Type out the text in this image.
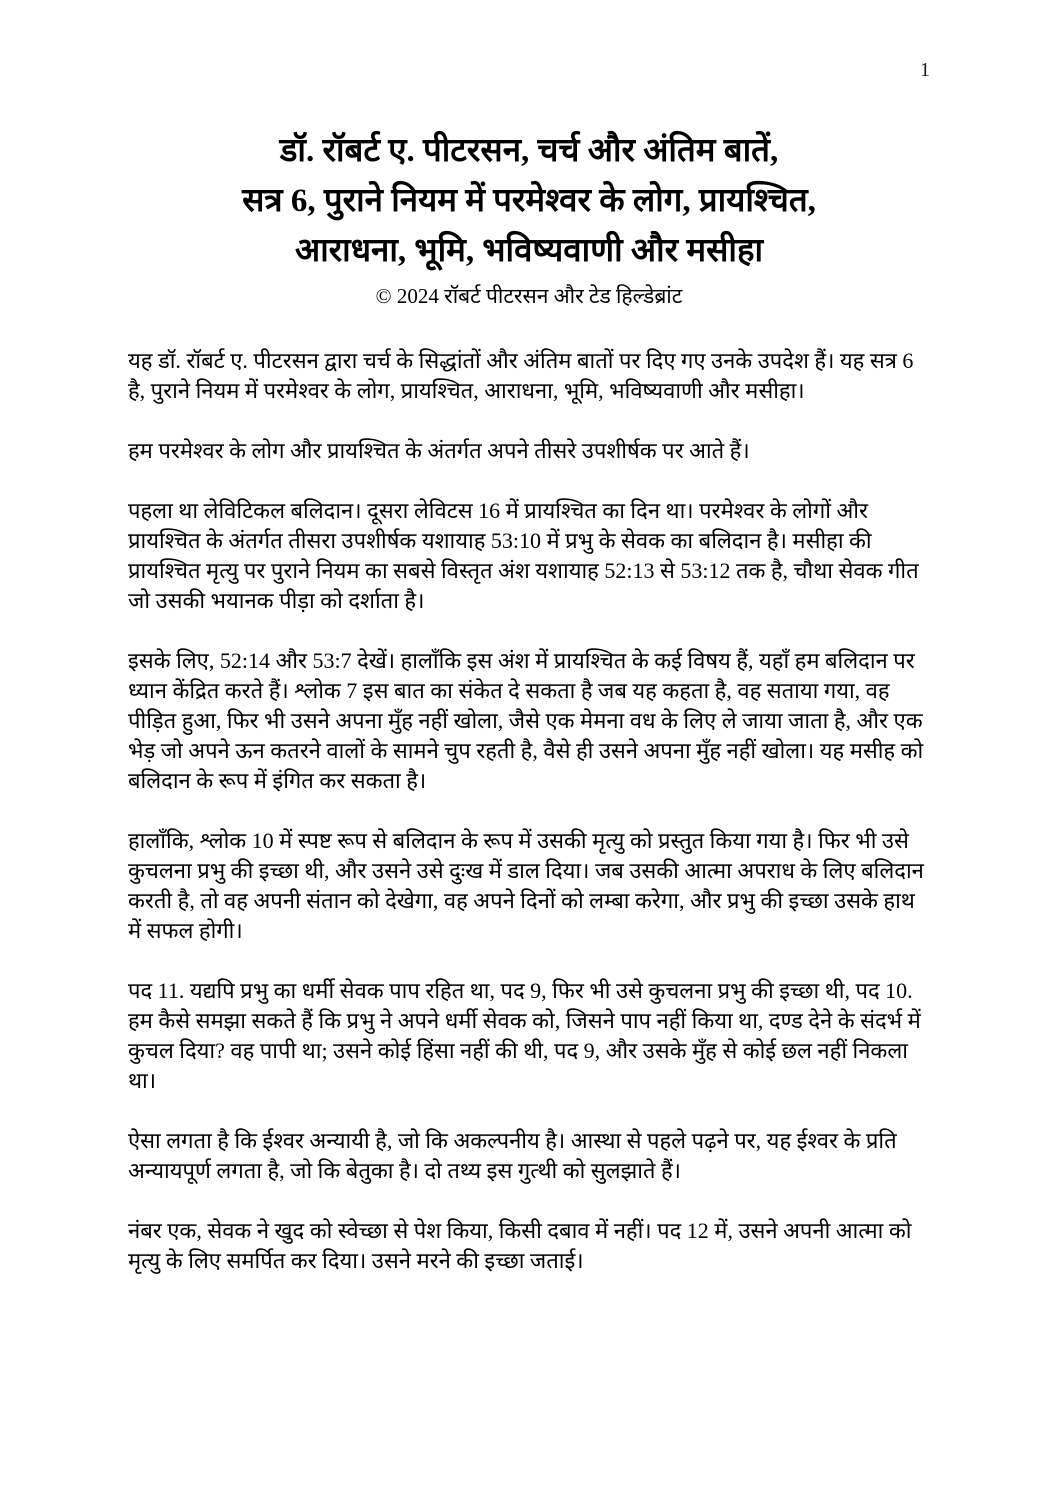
1
डॉ. रॉबर्ट ए. पीटरसन, चर्च और अंतिम बातें,
सत्र 6, पुराने नियम में परमेश्वर के लोग, प्रायश्चित,
आराधना, भूमि, भविष्यवाणी और मसीहा
© 2024 रॉबर्ट पीटरसन और टेड हिल्डेब्रांट

यह डॉ. रॉबर्ट ए. पीटरसन द्वारा चर्च के सिद्धांतों और अंतिम बातों पर दिए गए उनके उपदेश हैं। यह सत्र 6 है, पुराने नियम में परमेश्वर के लोग, प्रायश्चित, आराधना, भूमि, भविष्यवाणी और मसीहा।

हम परमेश्वर के लोग और प्रायश्चित के अंतर्गत अपने तीसरे उपशीर्षक पर आते हैं।

पहला था लेविटिकल बलिदान। दूसरा लेविटस 16 में प्रायश्चित का दिन था। परमेश्वर के लोगों और प्रायश्चित के अंतर्गत तीसरा उपशीर्षक यशायाह 53:10 में प्रभु के सेवक का बलिदान है। मसीहा की प्रायश्चित मृत्यु पर पुराने नियम का सबसे विस्तृत अंश यशायाह 52:13 से 53:12 तक है, चौथा सेवक गीत जो उसकी भयानक पीड़ा को दर्शाता है।

इसके लिए, 52:14 और 53:7 देखें। हालाँकि इस अंश में प्रायश्चित के कई विषय हैं, यहाँ हम बलिदान पर ध्यान केंद्रित करते हैं। श्लोक 7 इस बात का संकेत दे सकता है जब यह कहता है, वह सताया गया, वह पीड़ित हुआ, फिर भी उसने अपना मुँह नहीं खोला, जैसे एक मेमना वध के लिए ले जाया जाता है, और एक भेड़ जो अपने ऊन कतरने वालों के सामने चुप रहती है, वैसे ही उसने अपना मुँह नहीं खोला। यह मसीह को बलिदान के रूप में इंगित कर सकता है।

हालाँकि, श्लोक 10 में स्पष्ट रूप से बलिदान के रूप में उसकी मृत्यु को प्रस्तुत किया गया है। फिर भी उसे कुचलना प्रभु की इच्छा थी, और उसने उसे दुःख में डाल दिया। जब उसकी आत्मा अपराध के लिए बलिदान करती है, तो वह अपनी संतान को देखेगा, वह अपने दिनों को लम्बा करेगा, और प्रभु की इच्छा उसके हाथ में सफल होगी।

पद 11. यद्यपि प्रभु का धर्मी सेवक पाप रहित था, पद 9, फिर भी उसे कुचलना प्रभु की इच्छा थी, पद 10. हम कैसे समझा सकते हैं कि प्रभु ने अपने धर्मी सेवक को, जिसने पाप नहीं किया था, दण्ड देने के संदर्भ में कुचल दिया? वह पापी था; उसने कोई हिंसा नहीं की थी, पद 9, और उसके मुँह से कोई छल नहीं निकला था।

ऐसा लगता है कि ईश्वर अन्यायी है, जो कि अकल्पनीय है। आस्था से पहले पढ़ने पर, यह ईश्वर के प्रति अन्यायपूर्ण लगता है, जो कि बेतुका है। दो तथ्य इस गुत्थी को सुलझाते हैं।

नंबर एक, सेवक ने खुद को स्वेच्छा से पेश किया, किसी दबाव में नहीं। पद 12 में, उसने अपनी आत्मा को मृत्यु के लिए समर्पित कर दिया। उसने मरने की इच्छा जताई।
